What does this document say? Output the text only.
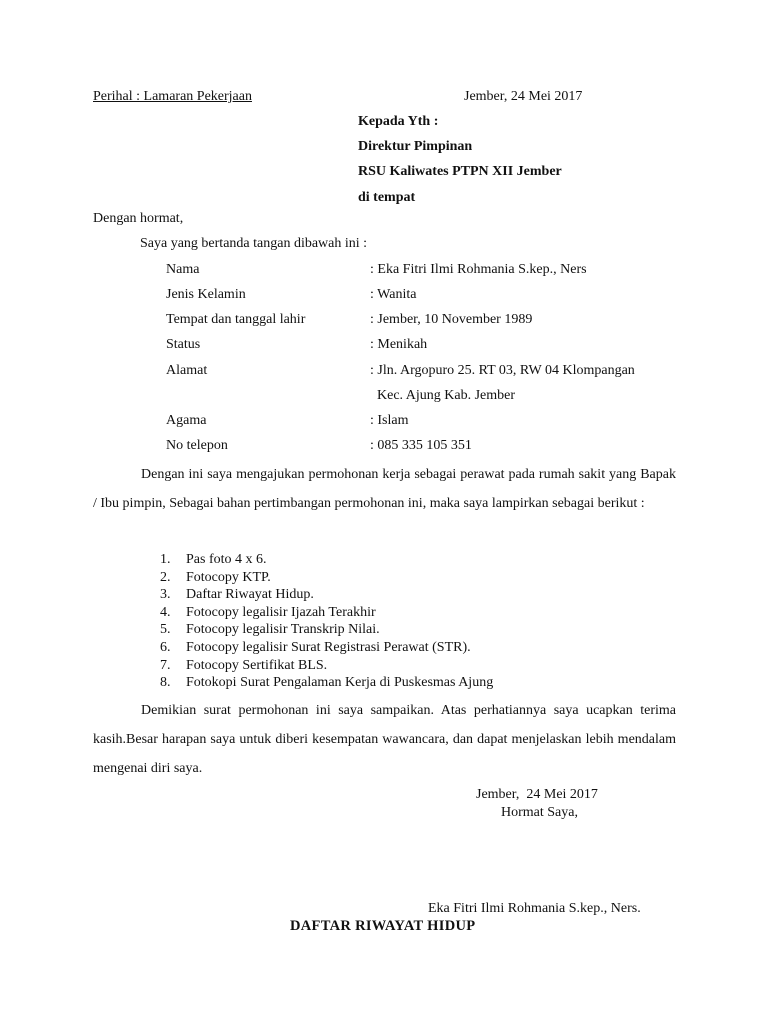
Perihal : Lamaran Pekerjaan	Jember, 24 Mei 2017
Kepada Yth :
Direktur Pimpinan
RSU Kaliwates PTPN XII Jember
di tempat
Dengan hormat,
Saya yang bertanda tangan dibawah ini :
Nama	: Eka Fitri Ilmi Rohmania S.kep., Ners
Jenis Kelamin	: Wanita
Tempat dan tanggal lahir	: Jember, 10 November 1989
Status	: Menikah
Alamat	: Jln. Argopuro 25. RT 03, RW 04 Klompangan
Kec. Ajung Kab. Jember
Agama	: Islam
No telepon	: 085 335 105 351
Dengan ini saya mengajukan permohonan kerja sebagai perawat pada rumah sakit yang Bapak / Ibu pimpin, Sebagai bahan pertimbangan permohonan ini, maka saya lampirkan sebagai berikut :
1. Pas foto 4 x 6.
2. Fotocopy KTP.
3. Daftar Riwayat Hidup.
4. Fotocopy legalisir Ijazah Terakhir
5. Fotocopy legalisir Transkrip Nilai.
6. Fotocopy legalisir Surat Registrasi Perawat (STR).
7. Fotocopy Sertifikat BLS.
8. Fotokopi Surat Pengalaman Kerja di Puskesmas Ajung
Demikian surat permohonan ini saya sampaikan. Atas perhatiannya saya ucapkan terima kasih.Besar harapan saya untuk diberi kesempatan wawancara, dan dapat menjelaskan lebih mendalam mengenai diri saya.
Jember,  24 Mei 2017
Hormat Saya,
Eka Fitri Ilmi Rohmania S.kep., Ners.
DAFTAR RIWAYAT HIDUP
